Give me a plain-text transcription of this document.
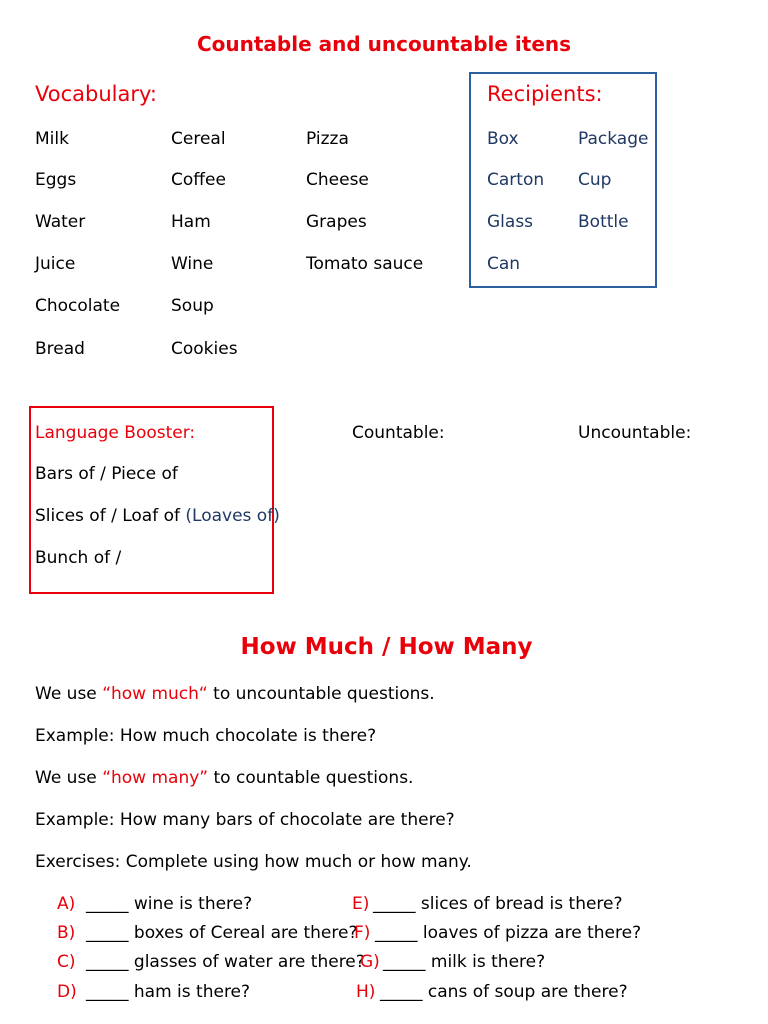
Countable and uncountable itens
Vocabulary:
Milk
Eggs
Water
Juice
Chocolate
Bread
Cereal
Coffee
Ham
Wine
Soup
Cookies
Pizza
Cheese
Grapes
Tomato sauce
Recipients:
Box
Carton
Glass
Can
Package
Cup
Bottle
Language Booster:
Bars of / Piece of
Slices of / Loaf of (Loaves of)
Bunch of /
Countable:	Uncountable:
How Much / How Many
We use “how much“ to uncountable questions.
Example: How much chocolate is there?
We use “how many” to countable questions.
Example: How many bars of chocolate are there?
Exercises: Complete using how much or how many.
A) _____ wine is there?
B) _____ boxes of Cereal are there?
C) _____ glasses of water are there?
D) _____ ham is there?
E) _____ slices of bread is there?
F) _____ loaves of pizza are there?
G) _____ milk is there?
H) _____ cans of soup are there?
